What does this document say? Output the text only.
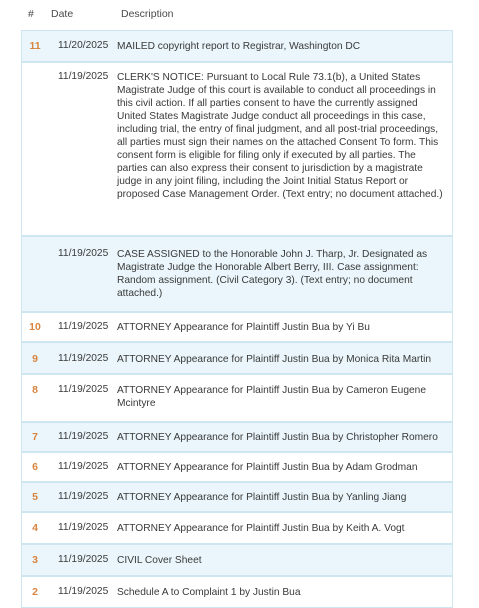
# Date	Description
11	11/20/2025 MAILED copyright report to Registrar, Washington DC
11/19/2025 CLERK'S NOTICE: Pursuant to Local Rule 73.1(b), a United States Magistrate Judge of this court is available to conduct all proceedings in this civil action. If all parties consent to have the currently assigned United States Magistrate Judge conduct all proceedings in this case, including trial, the entry of final judgment, and all post-trial proceedings, all parties must sign their names on the attached Consent To form. This consent form is eligible for filing only if executed by all parties. The parties can also express their consent to jurisdiction by a magistrate judge in any joint filing, including the Joint Initial Status Report or proposed Case Management Order. (Text entry; no document attached.)
11/19/2025 CASE ASSIGNED to the Honorable John J. Tharp, Jr. Designated as Magistrate Judge the Honorable Albert Berry, III. Case assignment: Random assignment. (Civil Category 3). (Text entry; no document attached.)
10	11/19/2025 ATTORNEY Appearance for Plaintiff Justin Bua by Yi Bu
9	11/19/2025 ATTORNEY Appearance for Plaintiff Justin Bua by Monica Rita Martin
8	11/19/2025 ATTORNEY Appearance for Plaintiff Justin Bua by Cameron Eugene Mcintyre
7	11/19/2025 ATTORNEY Appearance for Plaintiff Justin Bua by Christopher Romero
6	11/19/2025 ATTORNEY Appearance for Plaintiff Justin Bua by Adam Grodman
5	11/19/2025 ATTORNEY Appearance for Plaintiff Justin Bua by Yanling Jiang
4	11/19/2025 ATTORNEY Appearance for Plaintiff Justin Bua by Keith A. Vogt
3	11/19/2025 CIVIL Cover Sheet
2	11/19/2025 Schedule A to Complaint 1 by Justin Bua
